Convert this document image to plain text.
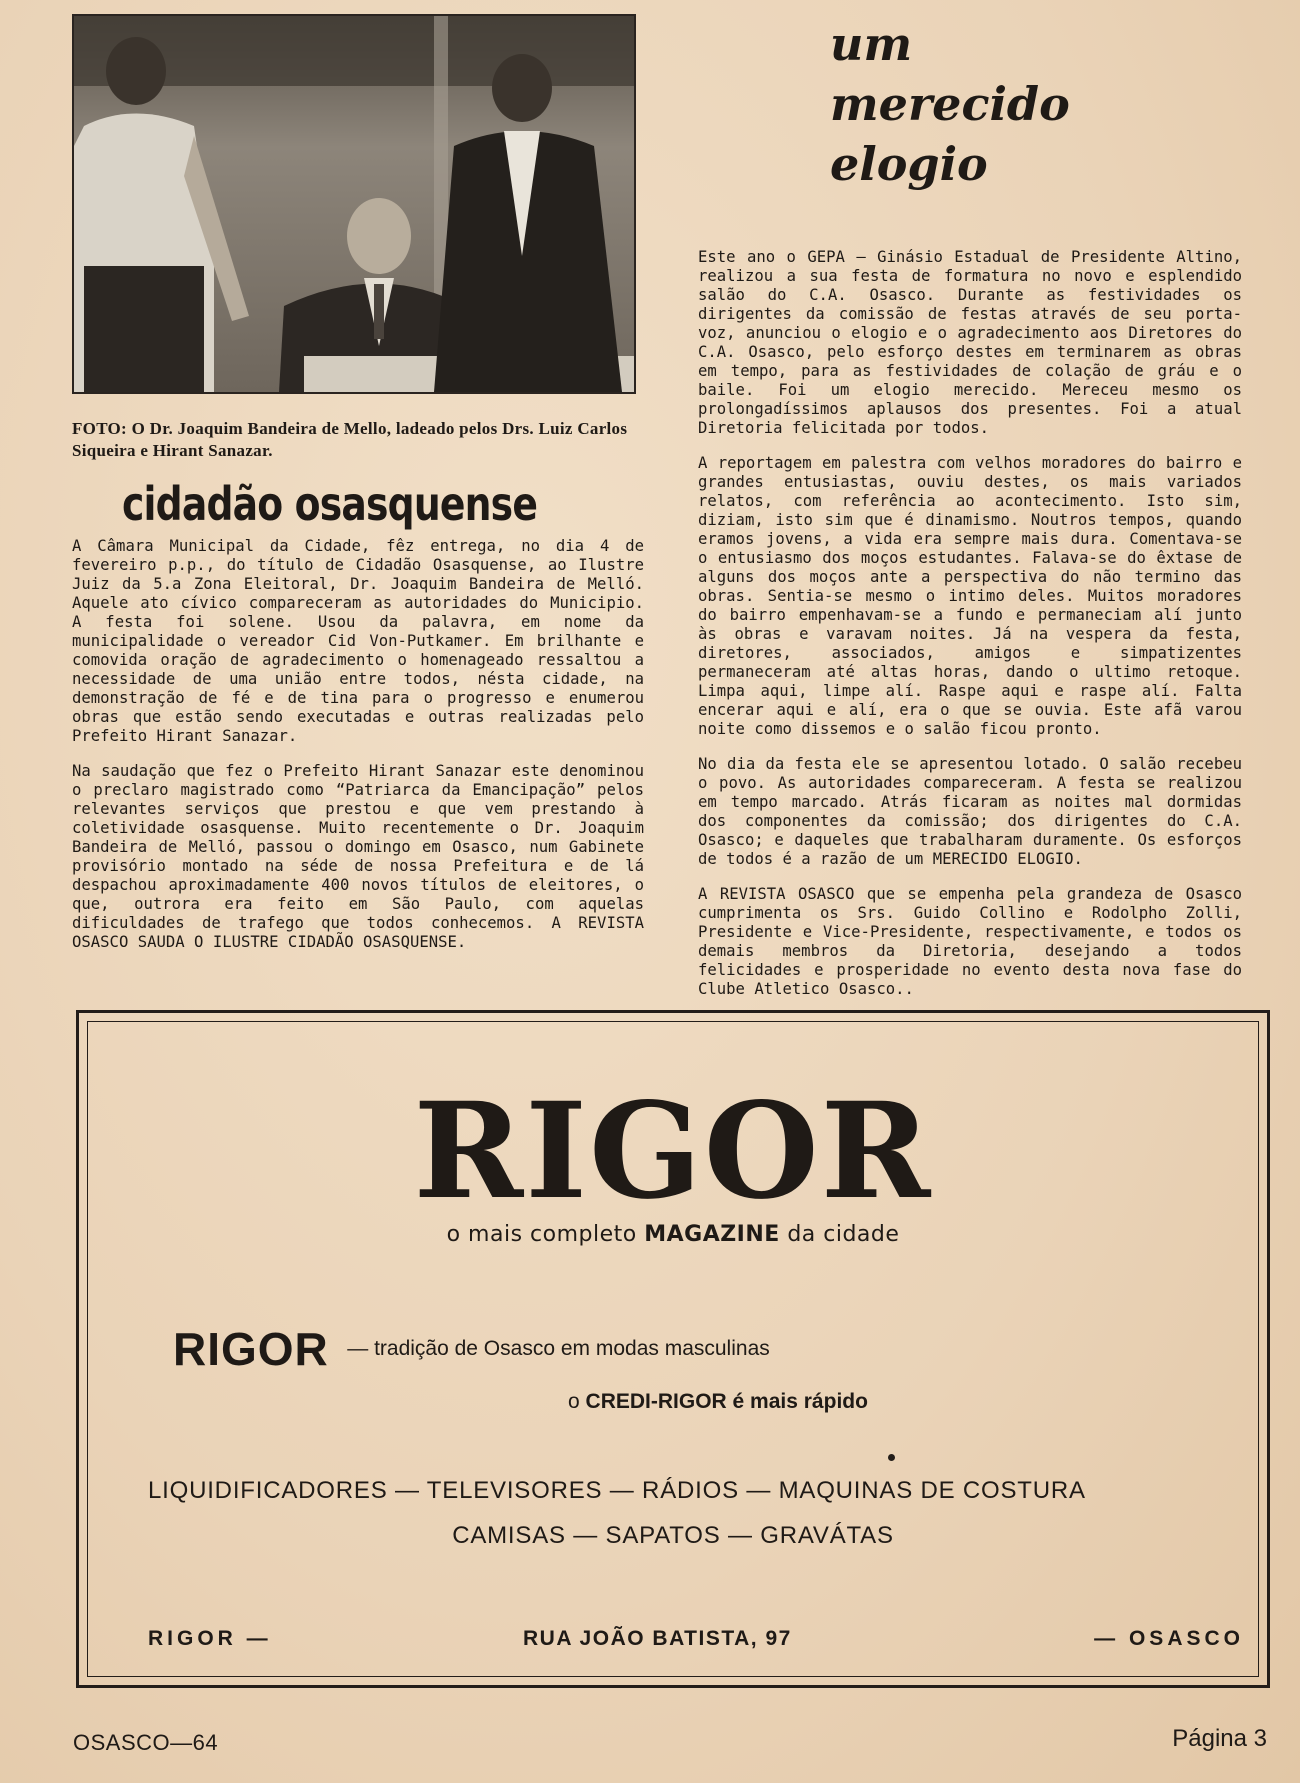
FOTO: O Dr. Joaquim Bandeira de Mello, ladeado pelos Drs. Luiz Carlos Siqueira e Hirant Sanazar.
cidadão osasquense

A Câmara Municipal da Cidade, fêz entrega, no dia 4 de fevereiro p.p., do título de Cidadão Osasquense, ao Ilustre Juiz da 5.a Zona Eleitoral, Dr. Joaquim Bandeira de Melló. Aquele ato cívico compareceram as autoridades do Municipio. A festa foi solene. Usou da palavra, em nome da municipalidade o vereador Cid Von-Putkamer. Em brilhante e comovida oração de agradecimento o homenageado ressaltou a necessidade de uma união entre todos, nésta cidade, na demonstração de fé e de tina para o progresso e enumerou obras que estão sendo executadas e outras realizadas pelo Prefeito Hirant Sanazar.

Na saudação que fez o Prefeito Hirant Sanazar este denominou o preclaro magistrado como “Patriarca da Emancipação” pelos relevantes serviços que prestou e que vem prestando à coletividade osasquense. Muito recentemente o Dr. Joaquim Bandeira de Melló, passou o domingo em Osasco, num Gabinete provisório montado na séde de nossa Prefeitura e de lá despachou aproximadamente 400 novos títulos de eleitores, o que, outrora era feito em São Paulo, com aquelas dificuldades de trafego que todos conhecemos. A REVISTA OSASCO SAUDA O ILUSTRE CIDADÃO OSASQUENSE.

um
merecido
elogio

Este ano o GEPA — Ginásio Estadual de Presidente Altino, realizou a sua festa de formatura no novo e esplendido salão do C.A. Osasco. Durante as festividades os dirigentes da comissão de festas através de seu porta-voz, anunciou o elogio e o agradecimento aos Diretores do C.A. Osasco, pelo esforço destes em terminarem as obras em tempo, para as festividades de colação de gráu e o baile. Foi um elogio merecido. Mereceu mesmo os prolongadíssimos aplausos dos presentes. Foi a atual Diretoria felicitada por todos.

A reportagem em palestra com velhos moradores do bairro e grandes entusiastas, ouviu destes, os mais variados relatos, com referência ao acontecimento. Isto sim, diziam, isto sim que é dinamismo. Noutros tempos, quando eramos jovens, a vida era sempre mais dura. Comentava-se o entusiasmo dos moços estudantes. Falava-se do êxtase de alguns dos moços ante a perspectiva do não termino das obras. Sentia-se mesmo o intimo deles. Muitos moradores do bairro empenhavam-se a fundo e permaneciam alí junto às obras e varavam noites. Já na vespera da festa, diretores, associados, amigos e simpatizentes permaneceram até altas horas, dando o ultimo retoque. Limpa aqui, limpe alí. Raspe aqui e raspe alí. Falta encerar aqui e alí, era o que se ouvia. Este afã varou noite como dissemos e o salão ficou pronto.

No dia da festa ele se apresentou lotado. O salão recebeu o povo. As autoridades compareceram. A festa se realizou em tempo marcado. Atrás ficaram as noites mal dormidas dos componentes da comissão; dos dirigentes do C.A. Osasco; e daqueles que trabalharam duramente. Os esforços de todos é a razão de um MERECIDO ELOGIO.

A REVISTA OSASCO que se empenha pela grandeza de Osasco cumprimenta os Srs. Guido Collino e Rodolpho Zolli, Presidente e Vice-Presidente, respectivamente, e todos os demais membros da Diretoria, desejando a todos felicidades e prosperidade no evento desta nova fase do Clube Atletico Osasco..

RIGOR
o mais completo MAGAZINE da cidade
RIGOR — tradição de Osasco em modas masculinas
o CREDI-RIGOR é mais rápido
LIQUIDIFICADORES — TELEVISORES — RÁDIOS — MAQUINAS DE COSTURA
CAMISAS — SAPATOS — GRAVÁTAS
RIGOR —	RUA JOÃO BATISTA, 97	— OSASCO
OSASCO—64	Página 3
